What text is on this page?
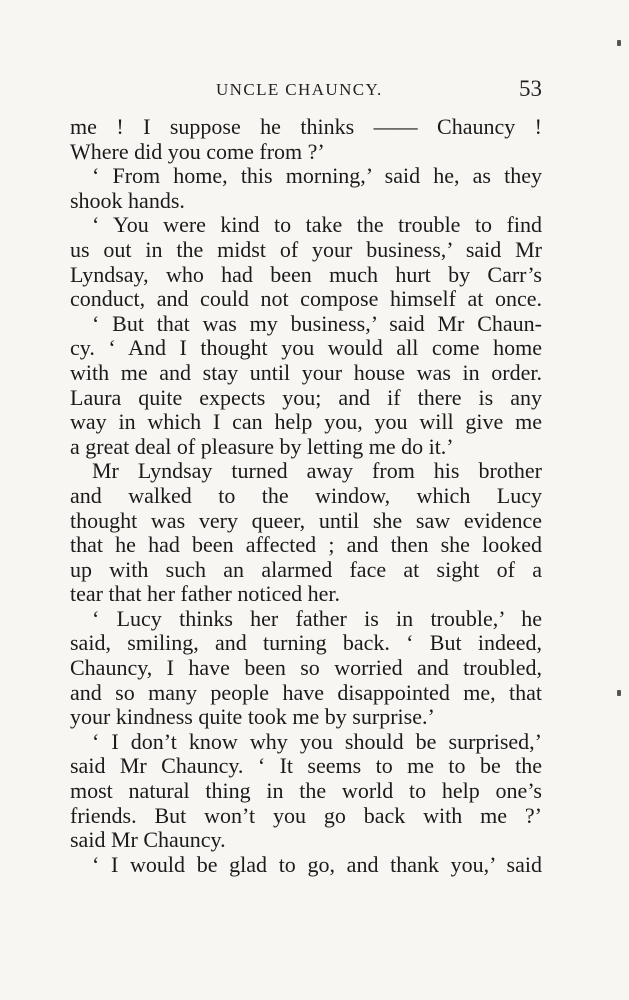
UNCLE CHAUNCY.	53
me ! I suppose he thinks —— Chauncy !
Where did you come from ?’
‘ From home, this morning,’ said he, as they
shook hands.
‘ You were kind to take the trouble to find
us out in the midst of your business,’ said Mr
Lyndsay, who had been much hurt by Carr’s
conduct, and could not compose himself at once.
‘ But that was my business,’ said Mr Chaun-
cy. ‘ And I thought you would all come home
with me and stay until your house was in order.
Laura quite expects you; and if there is any
way in which I can help you, you will give me
a great deal of pleasure by letting me do it.’
Mr Lyndsay turned away from his brother
and walked to the window, which Lucy
thought was very queer, until she saw evidence
that he had been affected ; and then she looked
up with such an alarmed face at sight of a
tear that her father noticed her.
‘ Lucy thinks her father is in trouble,’ he
said, smiling, and turning back. ‘ But indeed,
Chauncy, I have been so worried and troubled,
and so many people have disappointed me, that
your kindness quite took me by surprise.’
‘ I don’t know why you should be surprised,’
said Mr Chauncy. ‘ It seems to me to be the
most natural thing in the world to help one’s
friends. But won’t you go back with me ?’
said Mr Chauncy.
‘ I would be glad to go, and thank you,’ said
